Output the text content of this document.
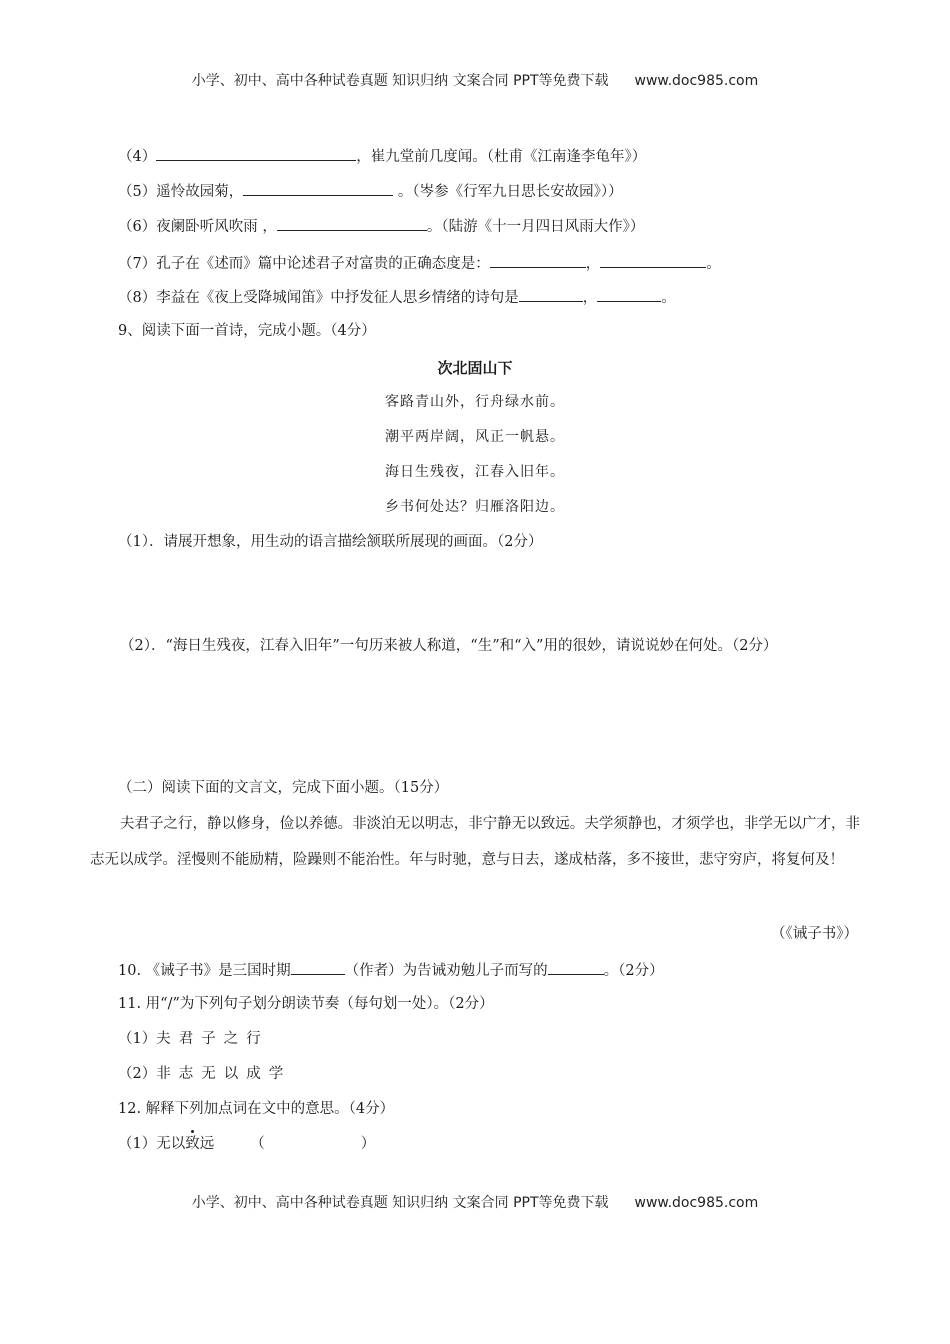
小学、初中、高中各种试卷真题 知识归纳 文案合同 PPT等免费下载 www.doc985.com
（4）	，崔九堂前几度闻。（杜甫《江南逢李龟年》）
（5）遥怜故园菊，	。（岑参《行军九日思长安故园》））
（6）夜阑卧听风吹雨 ，	。（陆游《十一月四日风雨大作》）
（7）孔子在《述而》篇中论述君子对富贵的正确态度是：	，	。
（8）李益在《夜上受降城闻笛》中抒发征人思乡情绪的诗句是	，	。
9、阅读下面一首诗，完成小题。（4分）
次北固山下
客路青山外，行舟绿水前。
潮平两岸阔，风正一帆悬。
海日生残夜，江春入旧年。
乡书何处达？归雁洛阳边。
（1）．请展开想象，用生动的语言描绘颔联所展现的画面。（2分）
（2）．“海日生残夜，江春入旧年”一句历来被人称道，“生”和“入”用的很妙，请说说妙在何处。（2分）
（二）阅读下面的文言文，完成下面小题。（15分）
夫君子之行，静以修身，俭以养德。非淡泊无以明志，非宁静无以致远。夫学须静也，才须学也，非学无以广才，非志无以成学。淫慢则不能励精，险躁则不能治性。年与时驰，意与日去，遂成枯落，多不接世，悲守穷庐，将复何及！
（《诫子书》）
10. 《诫子书》是三国时期	（作者）为告诫劝勉儿子而写的	。（2分）
11. 用“/”为下列句子划分朗读节奏（每句划一处）。（2分）
（1）夫君子之行
（2）非志无以成学
12. 解释下列加点词在文中的意思。（4分）
（1）无以致远 （	）
小学、初中、高中各种试卷真题 知识归纳 文案合同 PPT等免费下载 www.doc985.com
